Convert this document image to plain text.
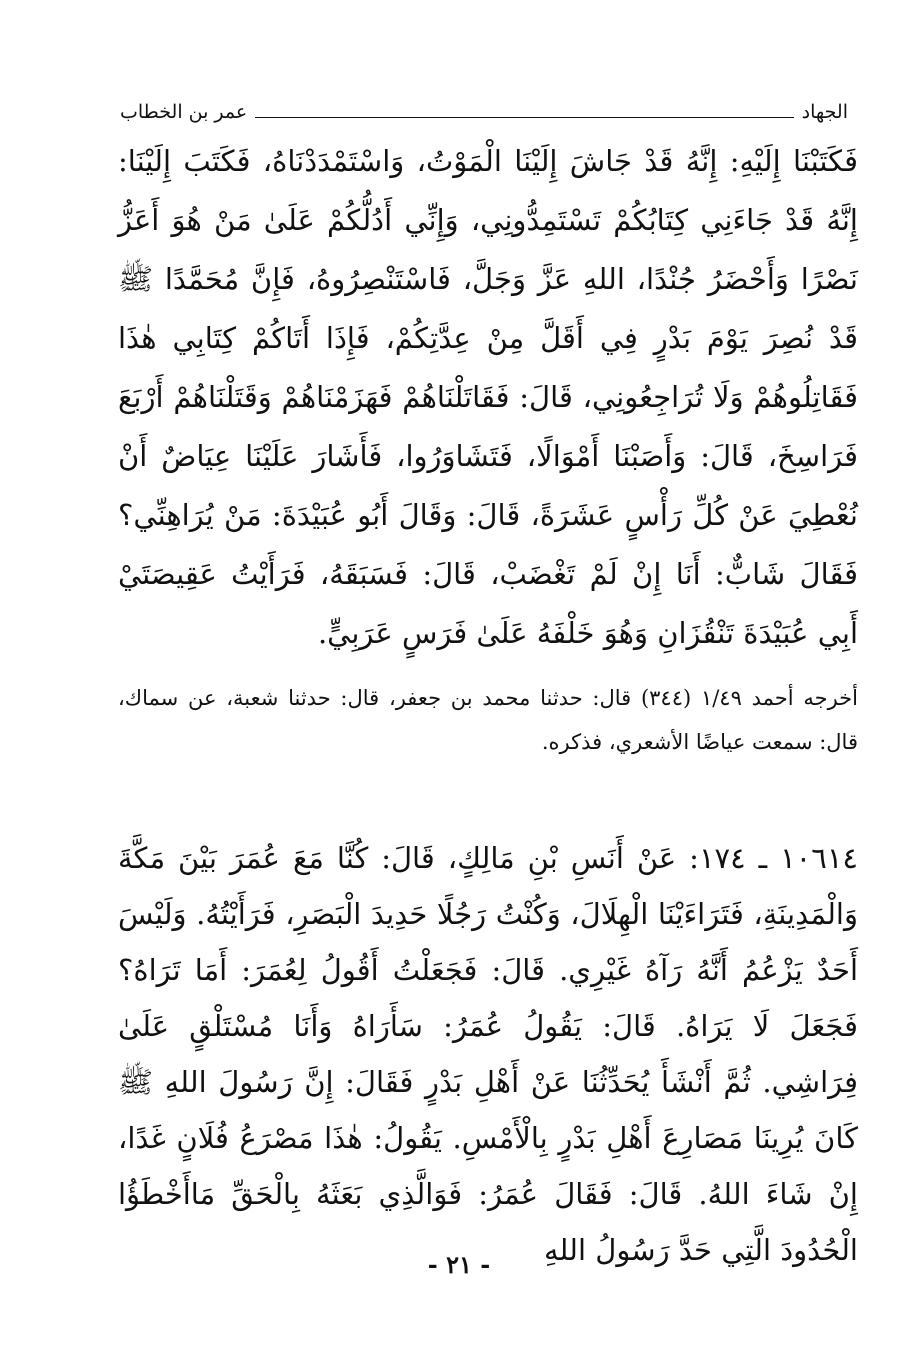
الجهاد
عمر بن الخطاب

فَكَتَبْنَا إِلَيْهِ: إِنَّهُ قَدْ جَاشَ إِلَيْنَا الْمَوْتُ، وَاسْتَمْدَدْنَاهُ، فَكَتَبَ إِلَيْنَا: إِنَّهُ قَدْ جَاءَنِي كِتَابُكُمْ تَسْتَمِدُّونِي، وَإِنِّي أَدُلُّكُمْ عَلَىٰ مَنْ هُوَ أَعَزُّ نَصْرًا وَأَحْضَرُ جُنْدًا، اللهِ عَزَّ وَجَلَّ، فَاسْتَنْصِرُوهُ، فَإِنَّ مُحَمَّدًا ﷺ قَدْ نُصِرَ يَوْمَ بَدْرٍ فِي أَقَلَّ مِنْ عِدَّتِكُمْ، فَإِذَا أَتَاكُمْ كِتَابِي هٰذَا فَقَاتِلُوهُمْ وَلَا تُرَاجِعُونِي، قَالَ: فَقَاتَلْنَاهُمْ فَهَزَمْنَاهُمْ وَقَتَلْنَاهُمْ أَرْبَعَ فَرَاسِخَ، قَالَ: وَأَصَبْنَا أَمْوَالًا، فَتَشَاوَرُوا، فَأَشَارَ عَلَيْنَا عِيَاضٌ أَنْ نُعْطِيَ عَنْ كُلِّ رَأْسٍ عَشَرَةً، قَالَ: وَقَالَ أَبُو عُبَيْدَةَ: مَنْ يُرَاهِنِّي؟ فَقَالَ شَابٌّ: أَنَا إِنْ لَمْ تَغْضَبْ، قَالَ: فَسَبَقَهُ، فَرَأَيْتُ عَقِيصَتَيْ أَبِي عُبَيْدَةَ تَنْقُزَانِ وَهُوَ خَلْفَهُ عَلَىٰ فَرَسٍ عَرَبِيٍّ.

أخرجه أحمد ١/٤٩ (٣٤٤) قال: حدثنا محمد بن جعفر، قال: حدثنا شعبة، عن سماك، قال: سمعت عياضًا الأشعري، فذكره.

١٠٦١٤ ـ ١٧٤: عَنْ أَنَسِ بْنِ مَالِكٍ، قَالَ: كُنَّا مَعَ عُمَرَ بَيْنَ مَكَّةَ وَالْمَدِينَةِ، فَتَرَاءَيْنَا الْهِلَالَ، وَكُنْتُ رَجُلًا حَدِيدَ الْبَصَرِ، فَرَأَيْتُهُ. وَلَيْسَ أَحَدٌ يَزْعُمُ أَنَّهُ رَآهُ غَيْرِي. قَالَ: فَجَعَلْتُ أَقُولُ لِعُمَرَ: أَمَا تَرَاهُ؟ فَجَعَلَ لَا يَرَاهُ. قَالَ: يَقُولُ عُمَرُ: سَأَرَاهُ وَأَنَا مُسْتَلْقٍ عَلَىٰ فِرَاشِي. ثُمَّ أَنْشَأَ يُحَدِّثُنَا عَنْ أَهْلِ بَدْرٍ فَقَالَ: إِنَّ رَسُولَ اللهِ ﷺ كَانَ يُرِينَا مَصَارِعَ أَهْلِ بَدْرٍ بِالْأَمْسِ. يَقُولُ: هٰذَا مَصْرَعُ فُلَانٍ غَدًا، إِنْ شَاءَ اللهُ. قَالَ: فَقَالَ عُمَرُ: فَوَالَّذِي بَعَثَهُ بِالْحَقِّ مَاأَخْطَؤُا الْحُدُودَ الَّتِي حَدَّ رَسُولُ اللهِ

- ٢١ -
